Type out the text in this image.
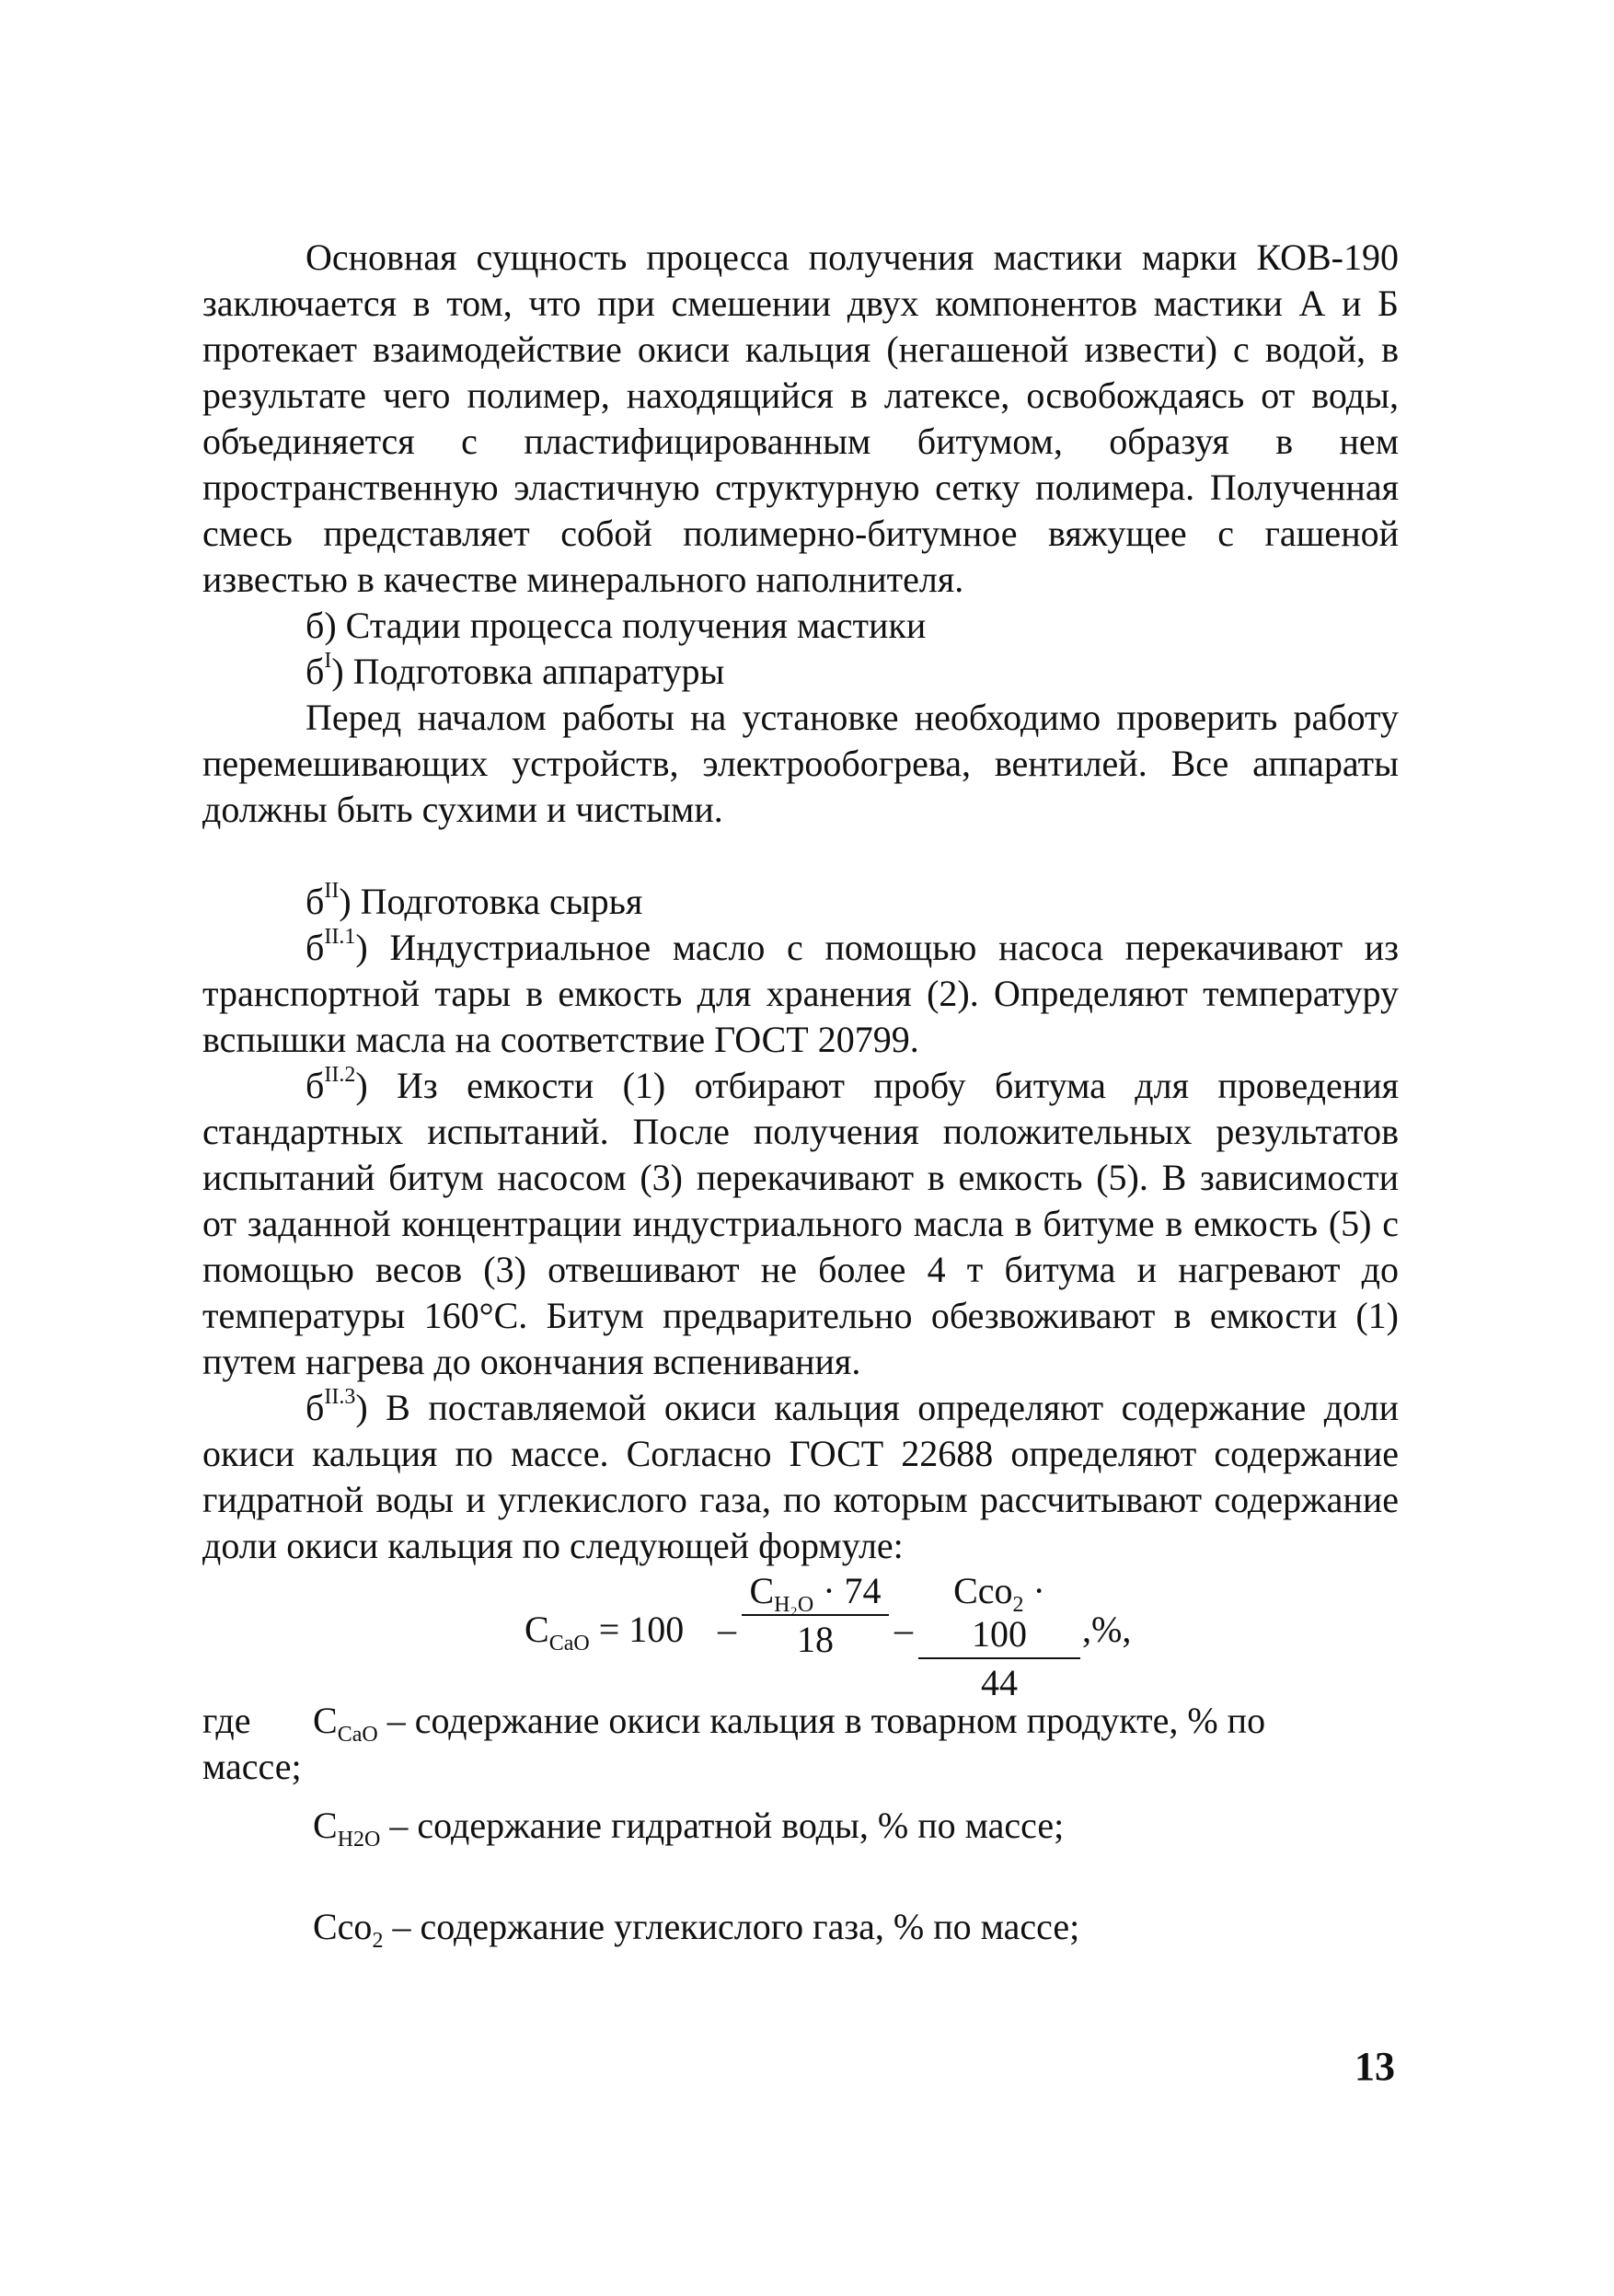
Основная сущность процесса получения мастики марки КОВ-190 заключается в том, что при смешении двух компонентов мастики А и Б протекает взаимодействие окиси кальция (негашеной извести) с водой, в результате чего полимер, находящийся в латексе, освобождаясь от воды, объединяется с пластифицированным битумом, образуя в нем пространственную эластичную структурную сетку полимера. Полученная смесь представляет собой полимерно-битумное вяжущее с гашеной известью в качестве минерального наполнителя.

б) Стадии процесса получения мастики

$б^I$) Подготовка аппаратуры

Перед началом работы на установке необходимо проверить работу перемешивающих устройств, электрообогрева, вентилей. Все аппараты должны быть сухими и чистыми.

$б^{II}$) Подготовка сырья

$б^{II.1}$) Индустриальное масло с помощью насоса перекачивают из транспортной тары в емкость для хранения (2). Определяют температуру вспышки масла на соответствие ГОСТ 20799.

$б^{II.2}$) Из емкости (1) отбирают пробу битума для проведения стандартных испытаний. После получения положительных результатов испытаний битум насосом (3) перекачивают в емкость (5). В зависимости от заданной концентрации индустриального масла в битуме в емкость (5) с помощью весов (3) отвешивают не более 4 т битума и нагревают до температуры 160°С. Битум предварительно обезвоживают в емкости (1) путем нагрева до окончания вспенивания.

$б^{II.3}$) В поставляемой окиси кальция определяют содержание доли окиси кальция по массе. Согласно ГОСТ 22688 определяют содержание гидратной воды и углекислого газа, по которым рассчитывают содержание доли окиси кальция по следующей формуле:

$С_{CaO} = 100$ –
$С_{H_2O} \cdot 74$
18	–
Cco$_2$ · 100
44
,%,

где $С_{CaO}$ – содержание окиси кальция в товарном продукте, % по

массе;

$С_{H2O}$ – содержание гидратной воды, % по массе;

Cco$_2$ – содержание углекислого газа, % по массе;

13
